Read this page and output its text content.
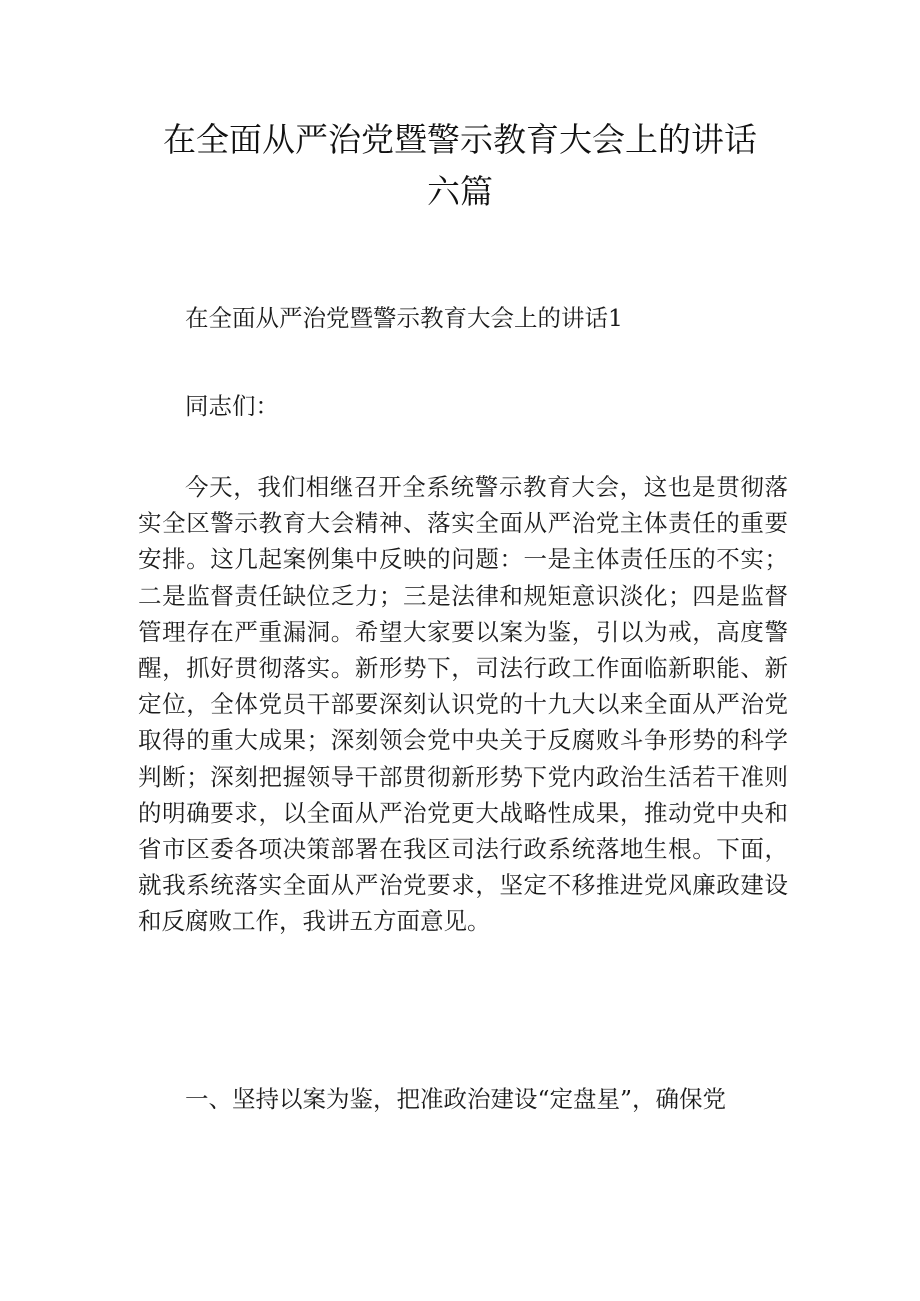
在全面从严治党暨警示教育大会上的讲话
六篇

在全面从严治党暨警示教育大会上的讲话1

同志们：

今天，我们相继召开全系统警示教育大会，这也是贯彻落实全区警示教育大会精神、落实全面从严治党主体责任的重要安排。这几起案例集中反映的问题：一是主体责任压的不实；二是监督责任缺位乏力；三是法律和规矩意识淡化；四是监督管理存在严重漏洞。希望大家要以案为鉴，引以为戒，高度警醒，抓好贯彻落实。新形势下，司法行政工作面临新职能、新定位，全体党员干部要深刻认识党的十九大以来全面从严治党取得的重大成果；深刻领会党中央关于反腐败斗争形势的科学判断；深刻把握领导干部贯彻新形势下党内政治生活若干准则的明确要求，以全面从严治党更大战略性成果，推动党中央和省市区委各项决策部署在我区司法行政系统落地生根。下面，就我系统落实全面从严治党要求，坚定不移推进党风廉政建设和反腐败工作，我讲五方面意见。

一、坚持以案为鉴，把准政治建设“定盘星”，确保党
